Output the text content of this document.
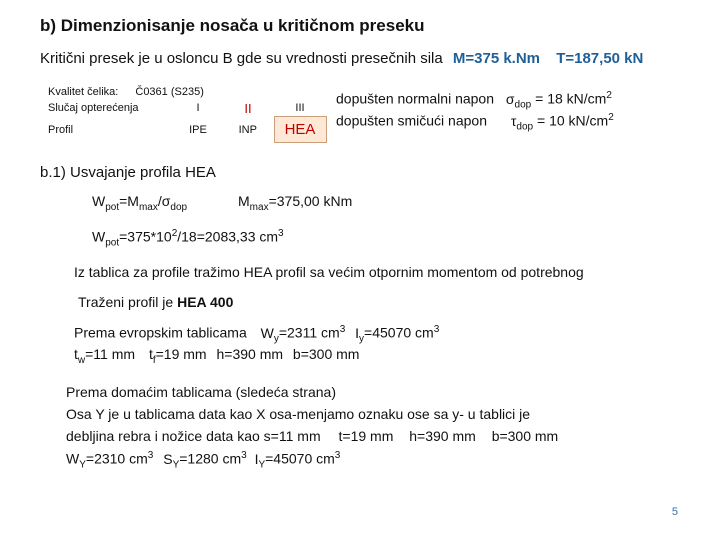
b) Dimenzionisanje nosača u kritičnom preseku
Kritični presek je u osloncu B gde su vrednosti presečnih sila M=375 k.Nm T=187,50 kN
Kvalitet čelika: Č0361 (S235)			
Slučaj opterećenja	I	II	III
Profil	IPE	INP	HEA
dopušten normalni napon $\sigma_{dop} = 18$ $kN/cm^2$
dopušten smičući napon $\tau_{dop} = 10$ $kN/cm^2$
b.1) Usvajanje profila HEA
$W_{pot}=M_{max}/\sigma_{dop}$	$M_{max}=375,00$ kNm
$W_{pot}=375*10^2/18=2083,33$ $cm^3$
Iz tablica za profile tražimo HEA profil sa većim otpornim momentom od potrebnog
Traženi profil je HEA 400
Prema evropskim tablicama $W_y=2311$ $cm^3$ $I_y=45070$ $cm^3$
$t_w=11$ mm $t_f=19$ mm h=390 mm b=300 mm
Prema domaćim tablicama (sledeća strana)
Osa Y je u tablicama data kao X osa-menjamo oznaku ose sa y- u tablici je
debljina rebra i nožice data kao s=11 mm t=19 mm h=390 mm b=300 mm
$W_Y=2310$ $cm^3$ $S_Y=1280$ $cm^3$ $I_Y=45070$ $cm^3$
5
